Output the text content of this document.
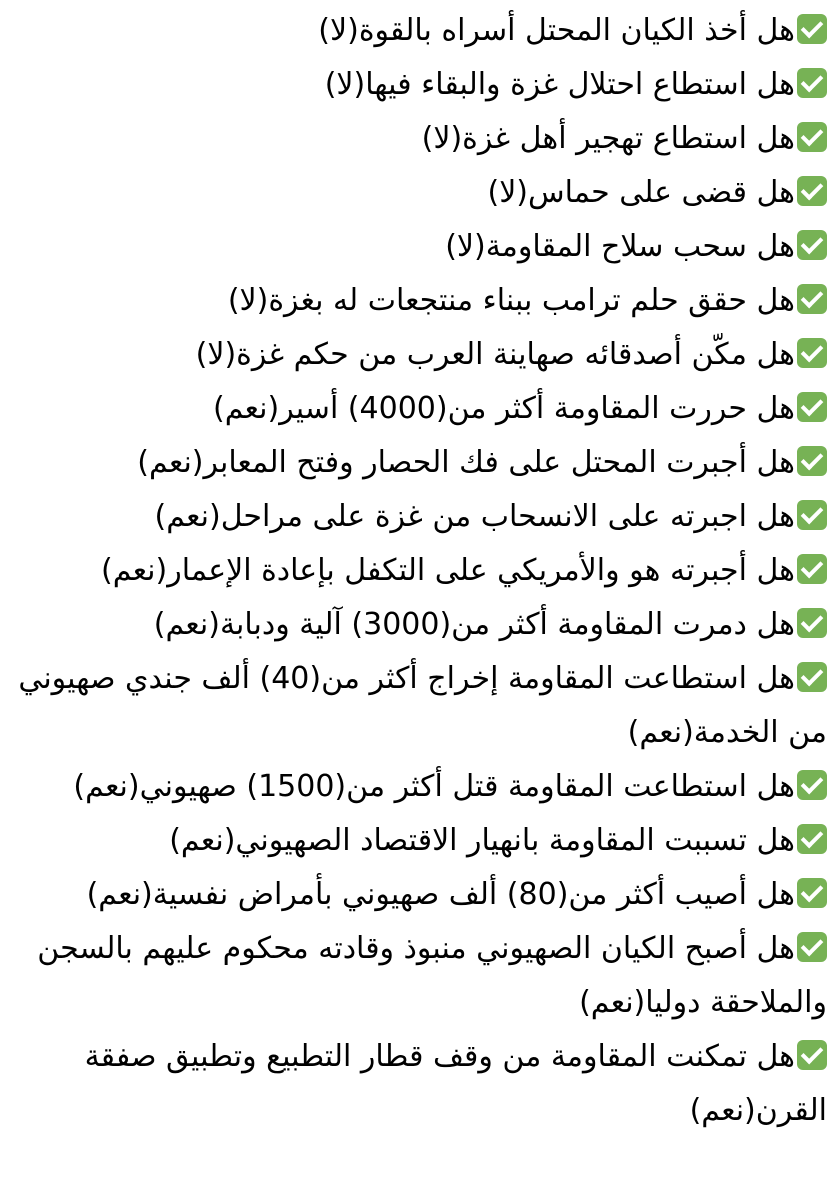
هل أخذ الكيان المحتل أسراه بالقوة(لا)
هل استطاع احتلال غزة والبقاء فيها(لا)
هل استطاع تهجير أهل غزة(لا)
هل قضى على حماس(لا)
هل سحب سلاح المقاومة(لا)
هل حقق حلم ترامب ببناء منتجعات له بغزة(لا)
هل مكّن أصدقائه صهاينة العرب من حكم غزة(لا)
هل حررت المقاومة أكثر من(4000) أسير(نعم)
هل أجبرت المحتل على فك الحصار وفتح المعابر(نعم)
هل اجبرته على الانسحاب من غزة على مراحل(نعم)
هل أجبرته هو والأمريكي على التكفل بإعادة الإعمار(نعم)
هل دمرت المقاومة أكثر من(3000) آلية ودبابة(نعم)
هل استطاعت المقاومة إخراج أكثر من(40) ألف جندي صهيوني من الخدمة(نعم)
هل استطاعت المقاومة قتل أكثر من(1500) صهيوني(نعم)
هل تسببت المقاومة بانهيار الاقتصاد الصهيوني(نعم)
هل أصيب أكثر من(80) ألف صهيوني بأمراض نفسية(نعم)
هل أصبح الكيان الصهيوني منبوذ وقادته محكوم عليهم بالسجن والملاحقة دوليا(نعم)
هل تمكنت المقاومة من وقف قطار التطبيع وتطبيق صفقة القرن(نعم)
